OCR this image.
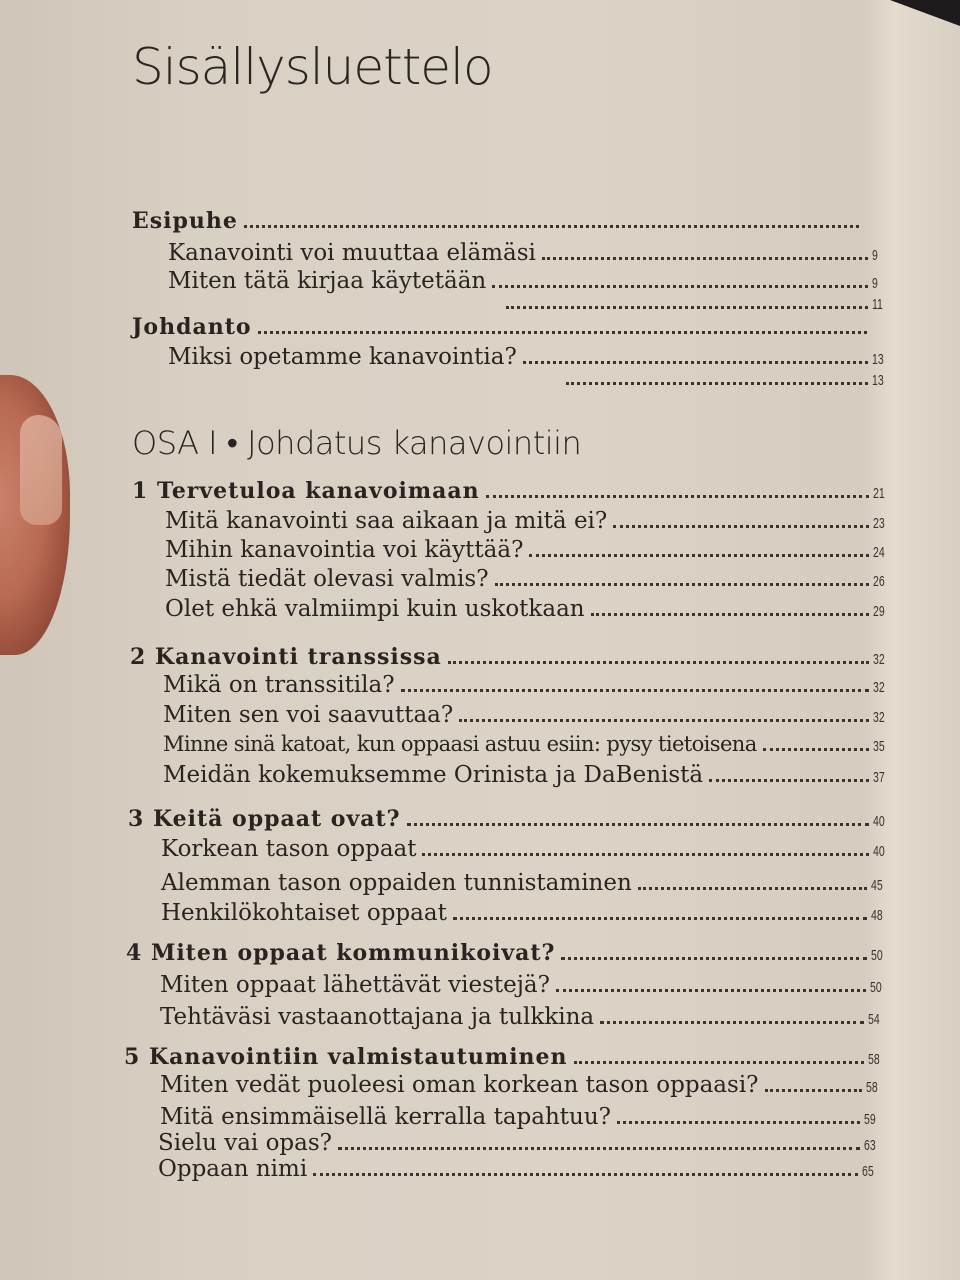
Sisällysluettelo
Esipuhe
Kanavointi voi muuttaa elämäsi	9
Miten tätä kirjaa käytetään	9
11
Johdanto
Miksi opetamme kanavointia?	13
13
OSA I • Johdatus kanavointiin
1 Tervetuloa kanavoimaan	21
Mitä kanavointi saa aikaan ja mitä ei?	23
Mihin kanavointia voi käyttää?	24
Mistä tiedät olevasi valmis?	26
Olet ehkä valmiimpi kuin uskotkaan	29
2 Kanavointi transsissa	32
Mikä on transsitila?	32
Miten sen voi saavuttaa?	32
Minne sinä katoat, kun oppaasi astuu esiin: pysy tietoisena	35
Meidän kokemuksemme Orinista ja DaBenistä	37
3 Keitä oppaat ovat?	40
Korkean tason oppaat	40
Alemman tason oppaiden tunnistaminen	45
Henkilökohtaiset oppaat	48
4 Miten oppaat kommunikoivat?	50
Miten oppaat lähettävät viestejä?	50
Tehtäväsi vastaanottajana ja tulkkina	54
5 Kanavointiin valmistautuminen	58
Miten vedät puoleesi oman korkean tason oppaasi?	58
Mitä ensimmäisellä kerralla tapahtuu?	59
Sielu vai opas?	63
Oppaan nimi	65
